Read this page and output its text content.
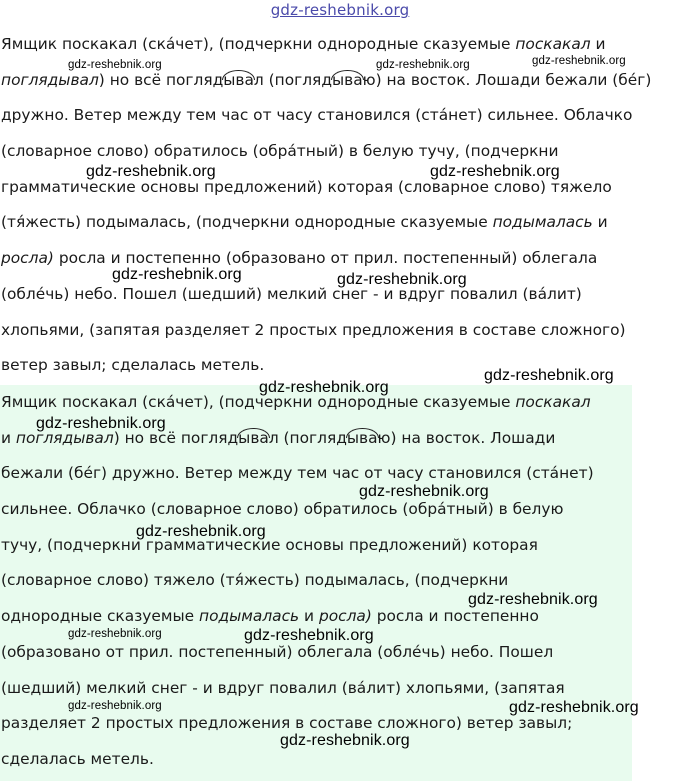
gdz-reshebnik.org
Ямщик поскакал (ска́чет), (подчеркни однородные сказуемые поскакал и
поглядывал) но всё поглядывал (поглядываю) на восток. Лошади бежали (бе́г)
дружно. Ветер между тем час от часу становился (ста́нет) сильнее. Облачко
(словарное слово) обратилось (обра́тный) в белую тучу, (подчеркни
грамматические основы предложений) которая (словарное слово) тяжело
(тя́жесть) подымалась, (подчеркни однородные сказуемые подымалась и
росла) росла и постепенно (образовано от прил. постепенный) облегала
(обле́чь) небо. Пошел (шедший) мелкий снег - и вдруг повалил (ва́лит)
хлопьями, (запятая разделяет 2 простых предложения в составе сложного)
ветер завыл; сделалась метель.
Ямщик поскакал (ска́чет), (подчеркни однородные сказуемые поскакал
и поглядывал) но всё поглядывал (поглядываю) на восток. Лошади
бежали (бе́г) дружно. Ветер между тем час от часу становился (ста́нет)
сильнее. Облачко (словарное слово) обратилось (обра́тный) в белую
тучу, (подчеркни грамматические основы предложений) которая
(словарное слово) тяжело (тя́жесть) подымалась, (подчеркни
однородные сказуемые подымалась и росла) росла и постепенно
(образовано от прил. постепенный) облегала (обле́чь) небо. Пошел
(шедший) мелкий снег - и вдруг повалил (ва́лит) хлопьями, (запятая
разделяет 2 простых предложения в составе сложного) ветер завыл;
сделалась метель.
gdz-reshebnik.org	gdz-reshebnik.org	gdz-reshebnik.org
gdz-reshebnik.org	gdz-reshebnik.org
gdz-reshebnik.org	gdz-reshebnik.org
gdz-reshebnik.org
gdz-reshebnik.org
gdz-reshebnik.org
gdz-reshebnik.org
gdz-reshebnik.org
gdz-reshebnik.org
gdz-reshebnik.org	gdz-reshebnik.org
gdz-reshebnik.org	gdz-reshebnik.org
gdz-reshebnik.org
